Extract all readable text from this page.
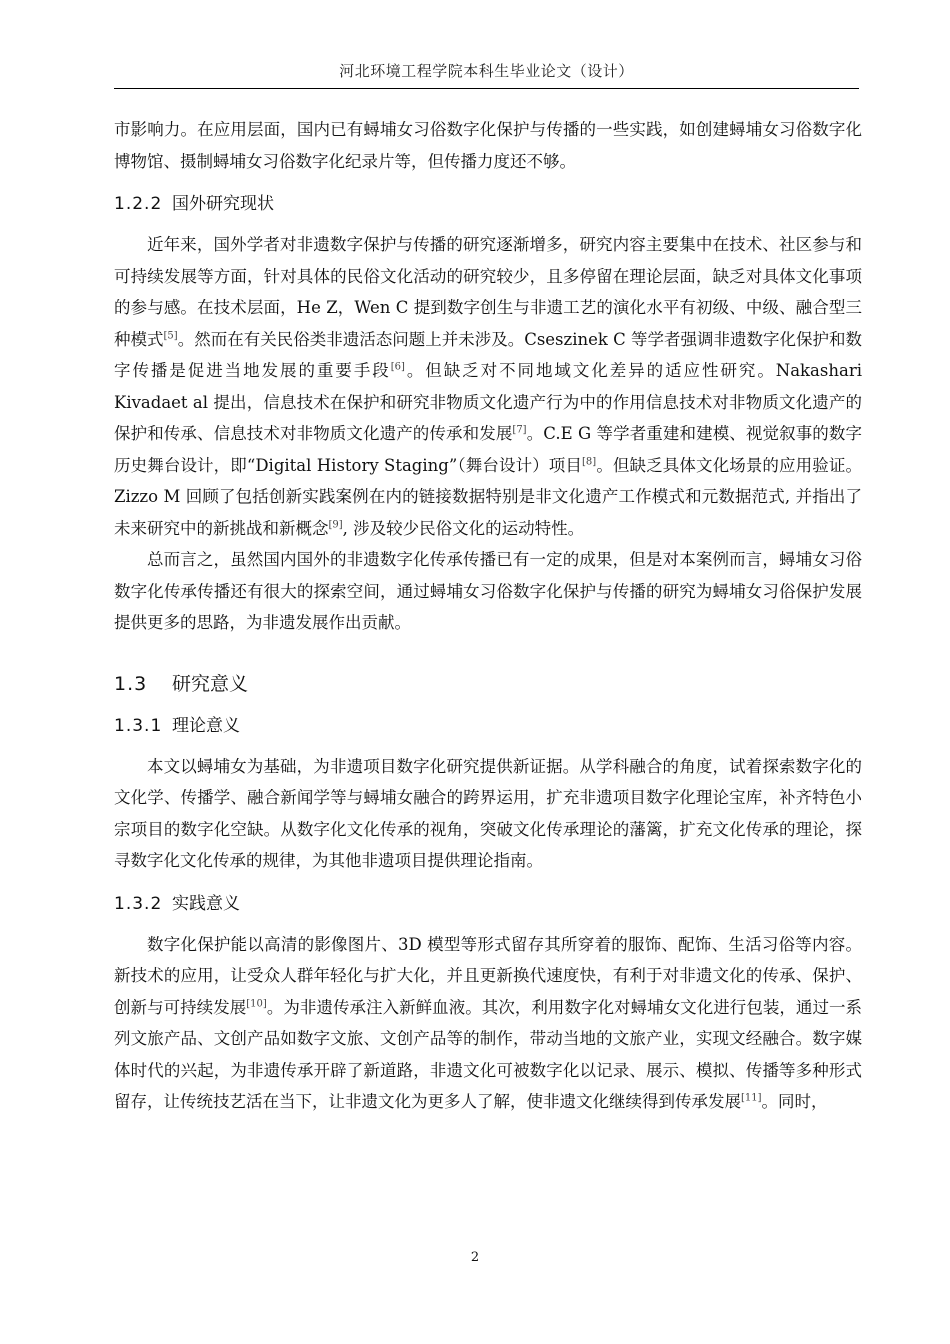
河北环境工程学院本科生毕业论文（设计）

市影响力。在应用层面，国内已有蟳埔女习俗数字化保护与传播的一些实践，如创建蟳埔女习俗数字化博物馆、摄制蟳埔女习俗数字化纪录片等，但传播力度还不够。

1.2.2 国外研究现状

近年来，国外学者对非遗数字保护与传播的研究逐渐增多，研究内容主要集中在技术、社区参与和可持续发展等方面，针对具体的民俗文化活动的研究较少，且多停留在理论层面，缺乏对具体文化事项的参与感。在技术层面，He Z，Wen C 提到数字创生与非遗工艺的演化水平有初级、中级、融合型三种模式[5]。然而在有关民俗类非遗活态问题上并未涉及。Cseszinek C 等学者强调非遗数字化保护和数字传播是促进当地发展的重要手段[6]。但缺乏对不同地域文化差异的适应性研究。Nakashari Kivadaet al 提出，信息技术在保护和研究非物质文化遗产行为中的作用信息技术对非物质文化遗产的保护和传承、信息技术对非物质文化遗产的传承和发展[7]。C.E G 等学者重建和建模、视觉叙事的数字历史舞台设计，即“Digital History Staging”（舞台设计）项目[8]。但缺乏具体文化场景的应用验证。Zizzo M 回顾了包括创新实践案例在内的链接数据特别是非文化遗产工作模式和元数据范式, 并指出了未来研究中的新挑战和新概念[9], 涉及较少民俗文化的运动特性。

总而言之，虽然国内国外的非遗数字化传承传播已有一定的成果，但是对本案例而言，蟳埔女习俗数字化传承传播还有很大的探索空间，通过蟳埔女习俗数字化保护与传播的研究为蟳埔女习俗保护发展提供更多的思路，为非遗发展作出贡献。

1.3 研究意义
1.3.1 理论意义

本文以蟳埔女为基础，为非遗项目数字化研究提供新证据。从学科融合的角度，试着探索数字化的文化学、传播学、融合新闻学等与蟳埔女融合的跨界运用，扩充非遗项目数字化理论宝库，补齐特色小宗项目的数字化空缺。从数字化文化传承的视角，突破文化传承理论的藩篱，扩充文化传承的理论，探寻数字化文化传承的规律，为其他非遗项目提供理论指南。

1.3.2 实践意义

数字化保护能以高清的影像图片、3D 模型等形式留存其所穿着的服饰、配饰、生活习俗等内容。新技术的应用，让受众人群年轻化与扩大化，并且更新换代速度快，有利于对非遗文化的传承、保护、创新与可持续发展[10]。为非遗传承注入新鲜血液。其次，利用数字化对蟳埔女文化进行包装，通过一系列文旅产品、文创产品如数字文旅、文创产品等的制作，带动当地的文旅产业，实现文经融合。数字媒体时代的兴起，为非遗传承开辟了新道路，非遗文化可被数字化以记录、展示、模拟、传播等多种形式留存，让传统技艺活在当下，让非遗文化为更多人了解，使非遗文化继续得到传承发展[11]。同时，

2
